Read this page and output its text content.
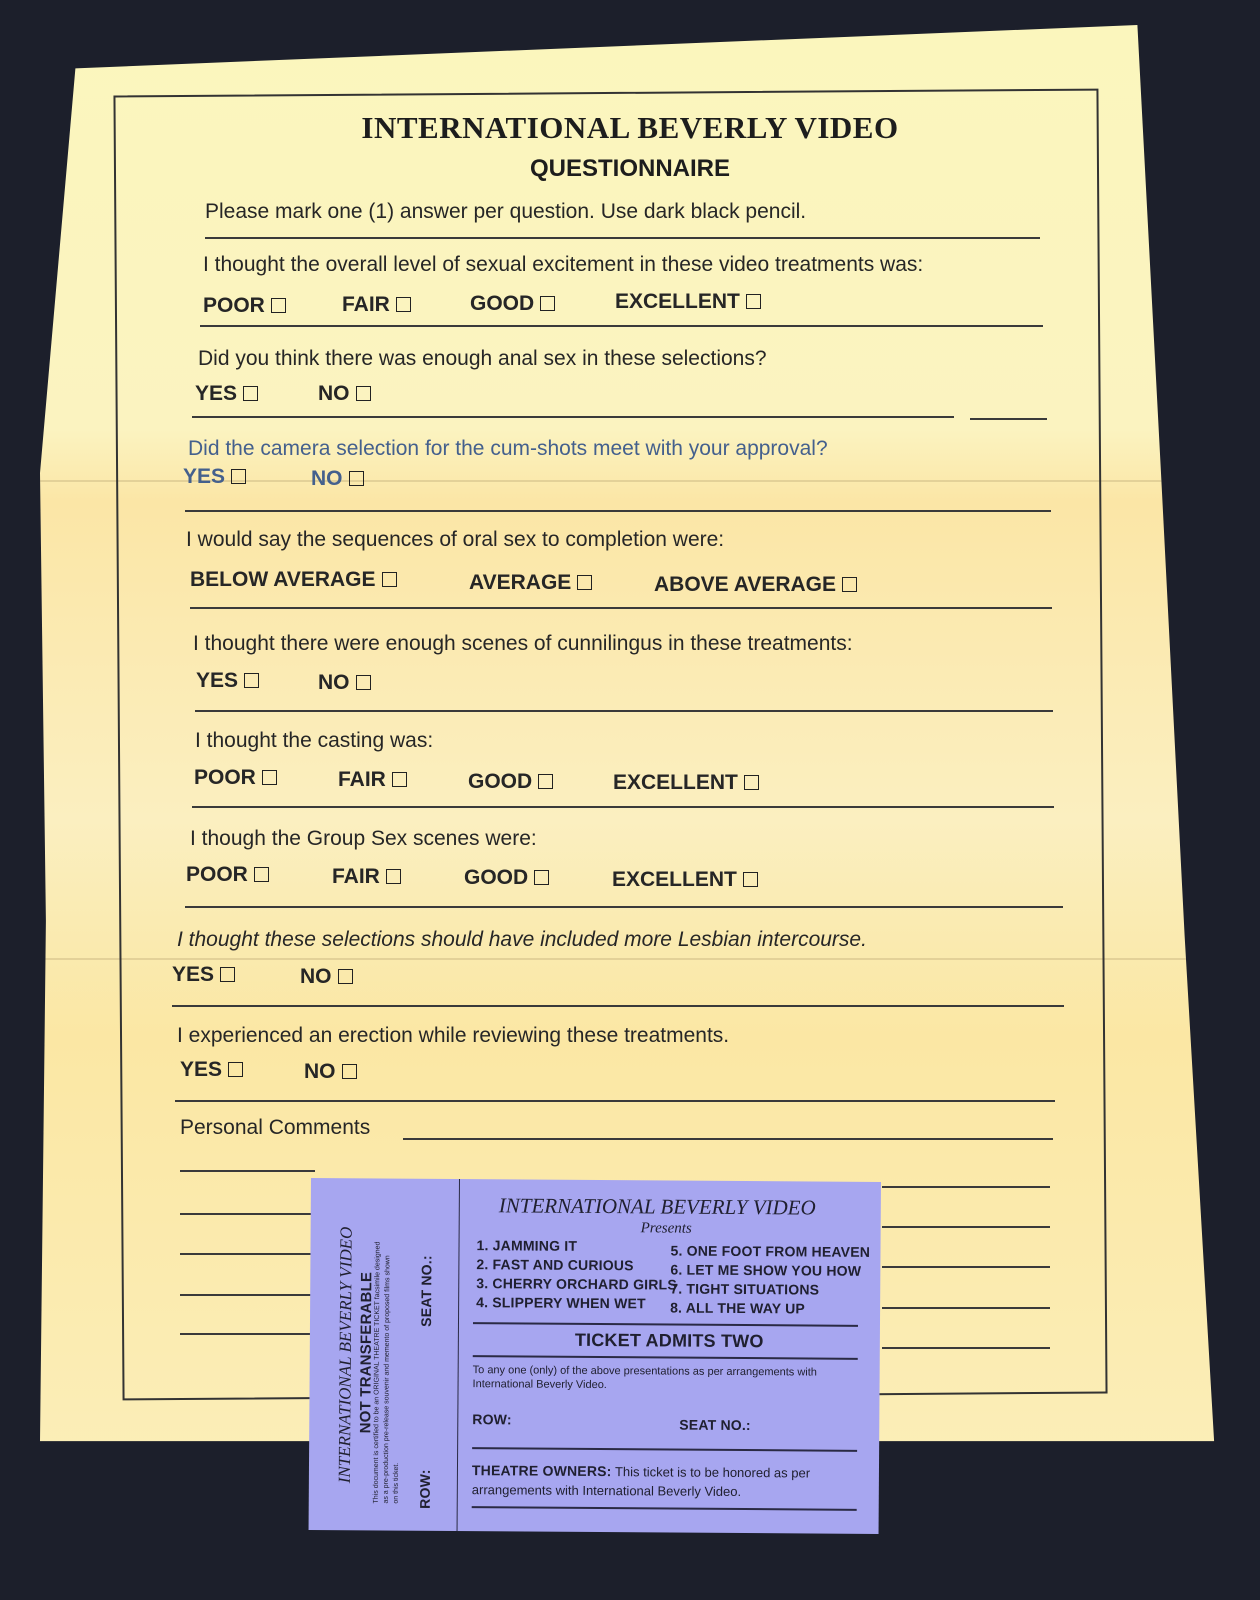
INTERNATIONAL BEVERLY VIDEO
QUESTIONNAIRE
Please mark one (1) answer per question. Use dark black pencil.
I thought the overall level of sexual excitement in these video treatments was:
POOR	FAIR	GOOD	EXCELLENT
Did you think there was enough anal sex in these selections?
YES	NO
Did the camera selection for the cum-shots meet with your approval?
YES	NO
I would say the sequences of oral sex to completion were:
BELOW AVERAGE	AVERAGE	ABOVE AVERAGE
I thought there were enough scenes of cunnilingus in these treatments:
YES	NO
I thought the casting was:
POOR	FAIR	GOOD	EXCELLENT
I though the Group Sex scenes were:
POOR	FAIR	GOOD	EXCELLENT
I thought these selections should have included more Lesbian intercourse.
YES	NO
I experienced an erection while reviewing these treatments.
YES	NO
Personal Comments
INTERNATIONAL BEVERLY VIDEO NOT TRANSFERABLE
This document is certified to be an ORIGINAL THEATRE TICKET facsimile designed as a pre-production pre-release souvenir and memento of proposed films shown on this ticket.
SEAT NO.:
ROW:
INTERNATIONAL BEVERLY VIDEO
Presents
1. JAMMING IT
2. FAST AND CURIOUS
3. CHERRY ORCHARD GIRLS
4. SLIPPERY WHEN WET
5. ONE FOOT FROM HEAVEN
6. LET ME SHOW YOU HOW
7. TIGHT SITUATIONS
8. ALL THE WAY UP
TICKET ADMITS TWO
To any one (only) of the above presentations as per arrangements with
International Beverly Video.
ROW:	SEAT NO.:
THEATRE OWNERS: This ticket is to be honored as per
arrangements with International Beverly Video.
